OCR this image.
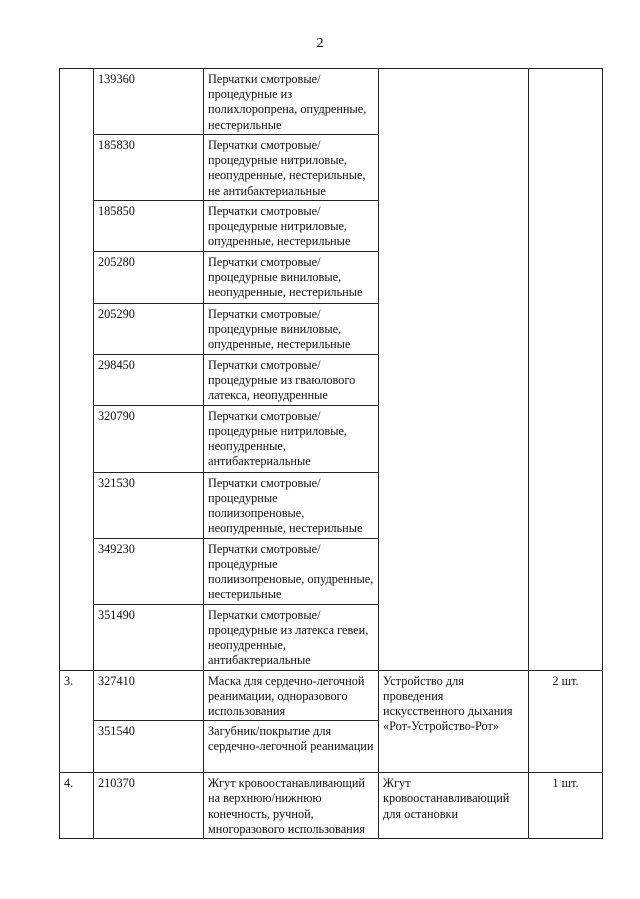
2
	139360	Перчатки смотровые/ процедурные из полихлоропрена, опудренные, нестерильные		
	185830	Перчатки смотровые/ процедурные нитриловые, неопудренные, нестерильные, не антибактериальные		
	185850	Перчатки смотровые/ процедурные нитриловые, опудренные, нестерильные		
	205280	Перчатки смотровые/ процедурные виниловые, неопудренные, нестерильные		
	205290	Перчатки смотровые/ процедурные виниловые, опудренные, нестерильные		
	298450	Перчатки смотровые/ процедурные из гваюлового латекса, неопудренные		
	320790	Перчатки смотровые/ процедурные нитриловые, неопудренные, антибактериальные		
	321530	Перчатки смотровые/ процедурные полиизопреновые, неопудренные, нестерильные		
	349230	Перчатки смотровые/ процедурные полиизопреновые, опудренные, нестерильные		
	351490	Перчатки смотровые/ процедурные из латекса гевеи, неопудренные, антибактериальные		
3.	327410	Маска для сердечно-легочной реанимации, одноразового использования	Устройство для проведения искусственного дыхания «Рот-Устройство-Рот»	2 шт.
	351540	Загубник/покрытие для сердечно-легочной реанимации		
4.	210370	Жгут кровоостанавливающий на верхнюю/нижнюю конечность, ручной, многоразового использования	Жгут кровоостанавливающий для остановки	1 шт.
